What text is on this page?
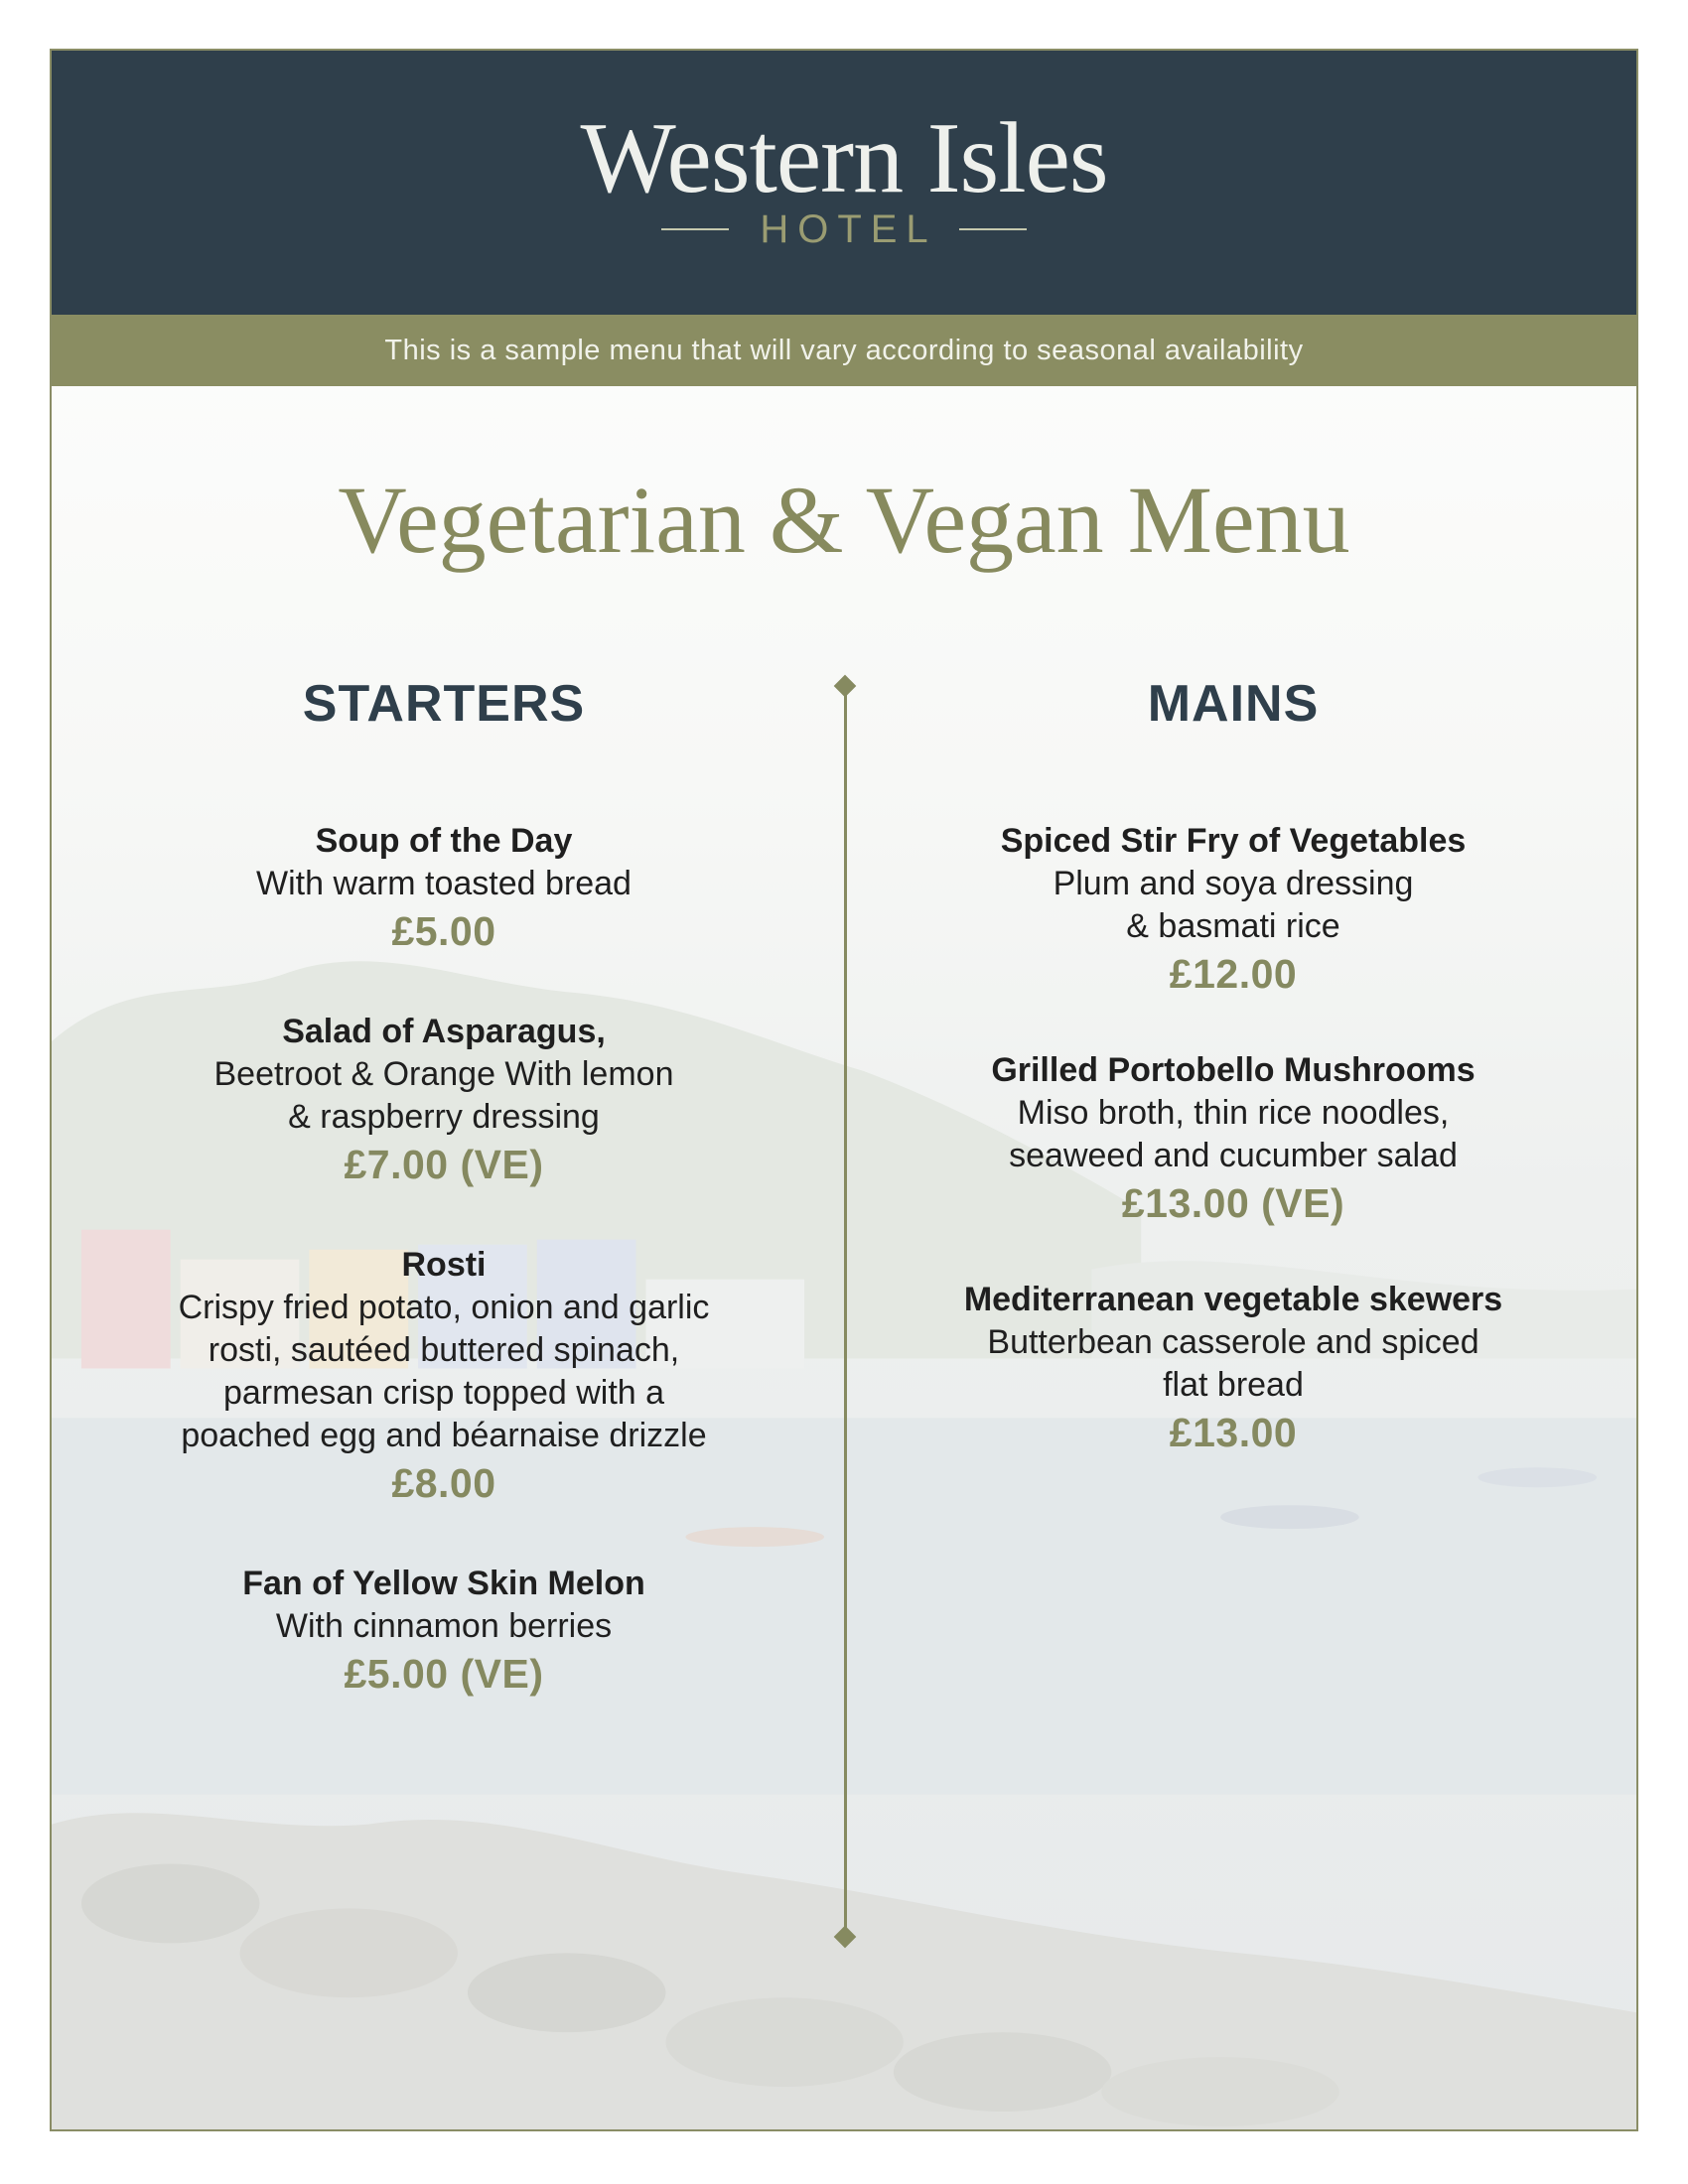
Western Isles
HOTEL
This is a sample menu that will vary according to seasonal availability
Vegetarian & Vegan Menu
STARTERS
Soup of the Day
With warm toasted bread
£5.00
Salad of Asparagus,
Beetroot & Orange With lemon
& raspberry dressing
£7.00 (VE)
Rosti
Crispy fried potato, onion and garlic
rosti, sautéed buttered spinach,
parmesan crisp topped with a
poached egg and béarnaise drizzle
£8.00
Fan of Yellow Skin Melon
With cinnamon berries
£5.00 (VE)
MAINS
Spiced Stir Fry of Vegetables
Plum and soya dressing
& basmati rice
£12.00
Grilled Portobello Mushrooms
Miso broth, thin rice noodles,
seaweed and cucumber salad
£13.00 (VE)
Mediterranean vegetable skewers
Butterbean casserole and spiced
flat bread
£13.00
